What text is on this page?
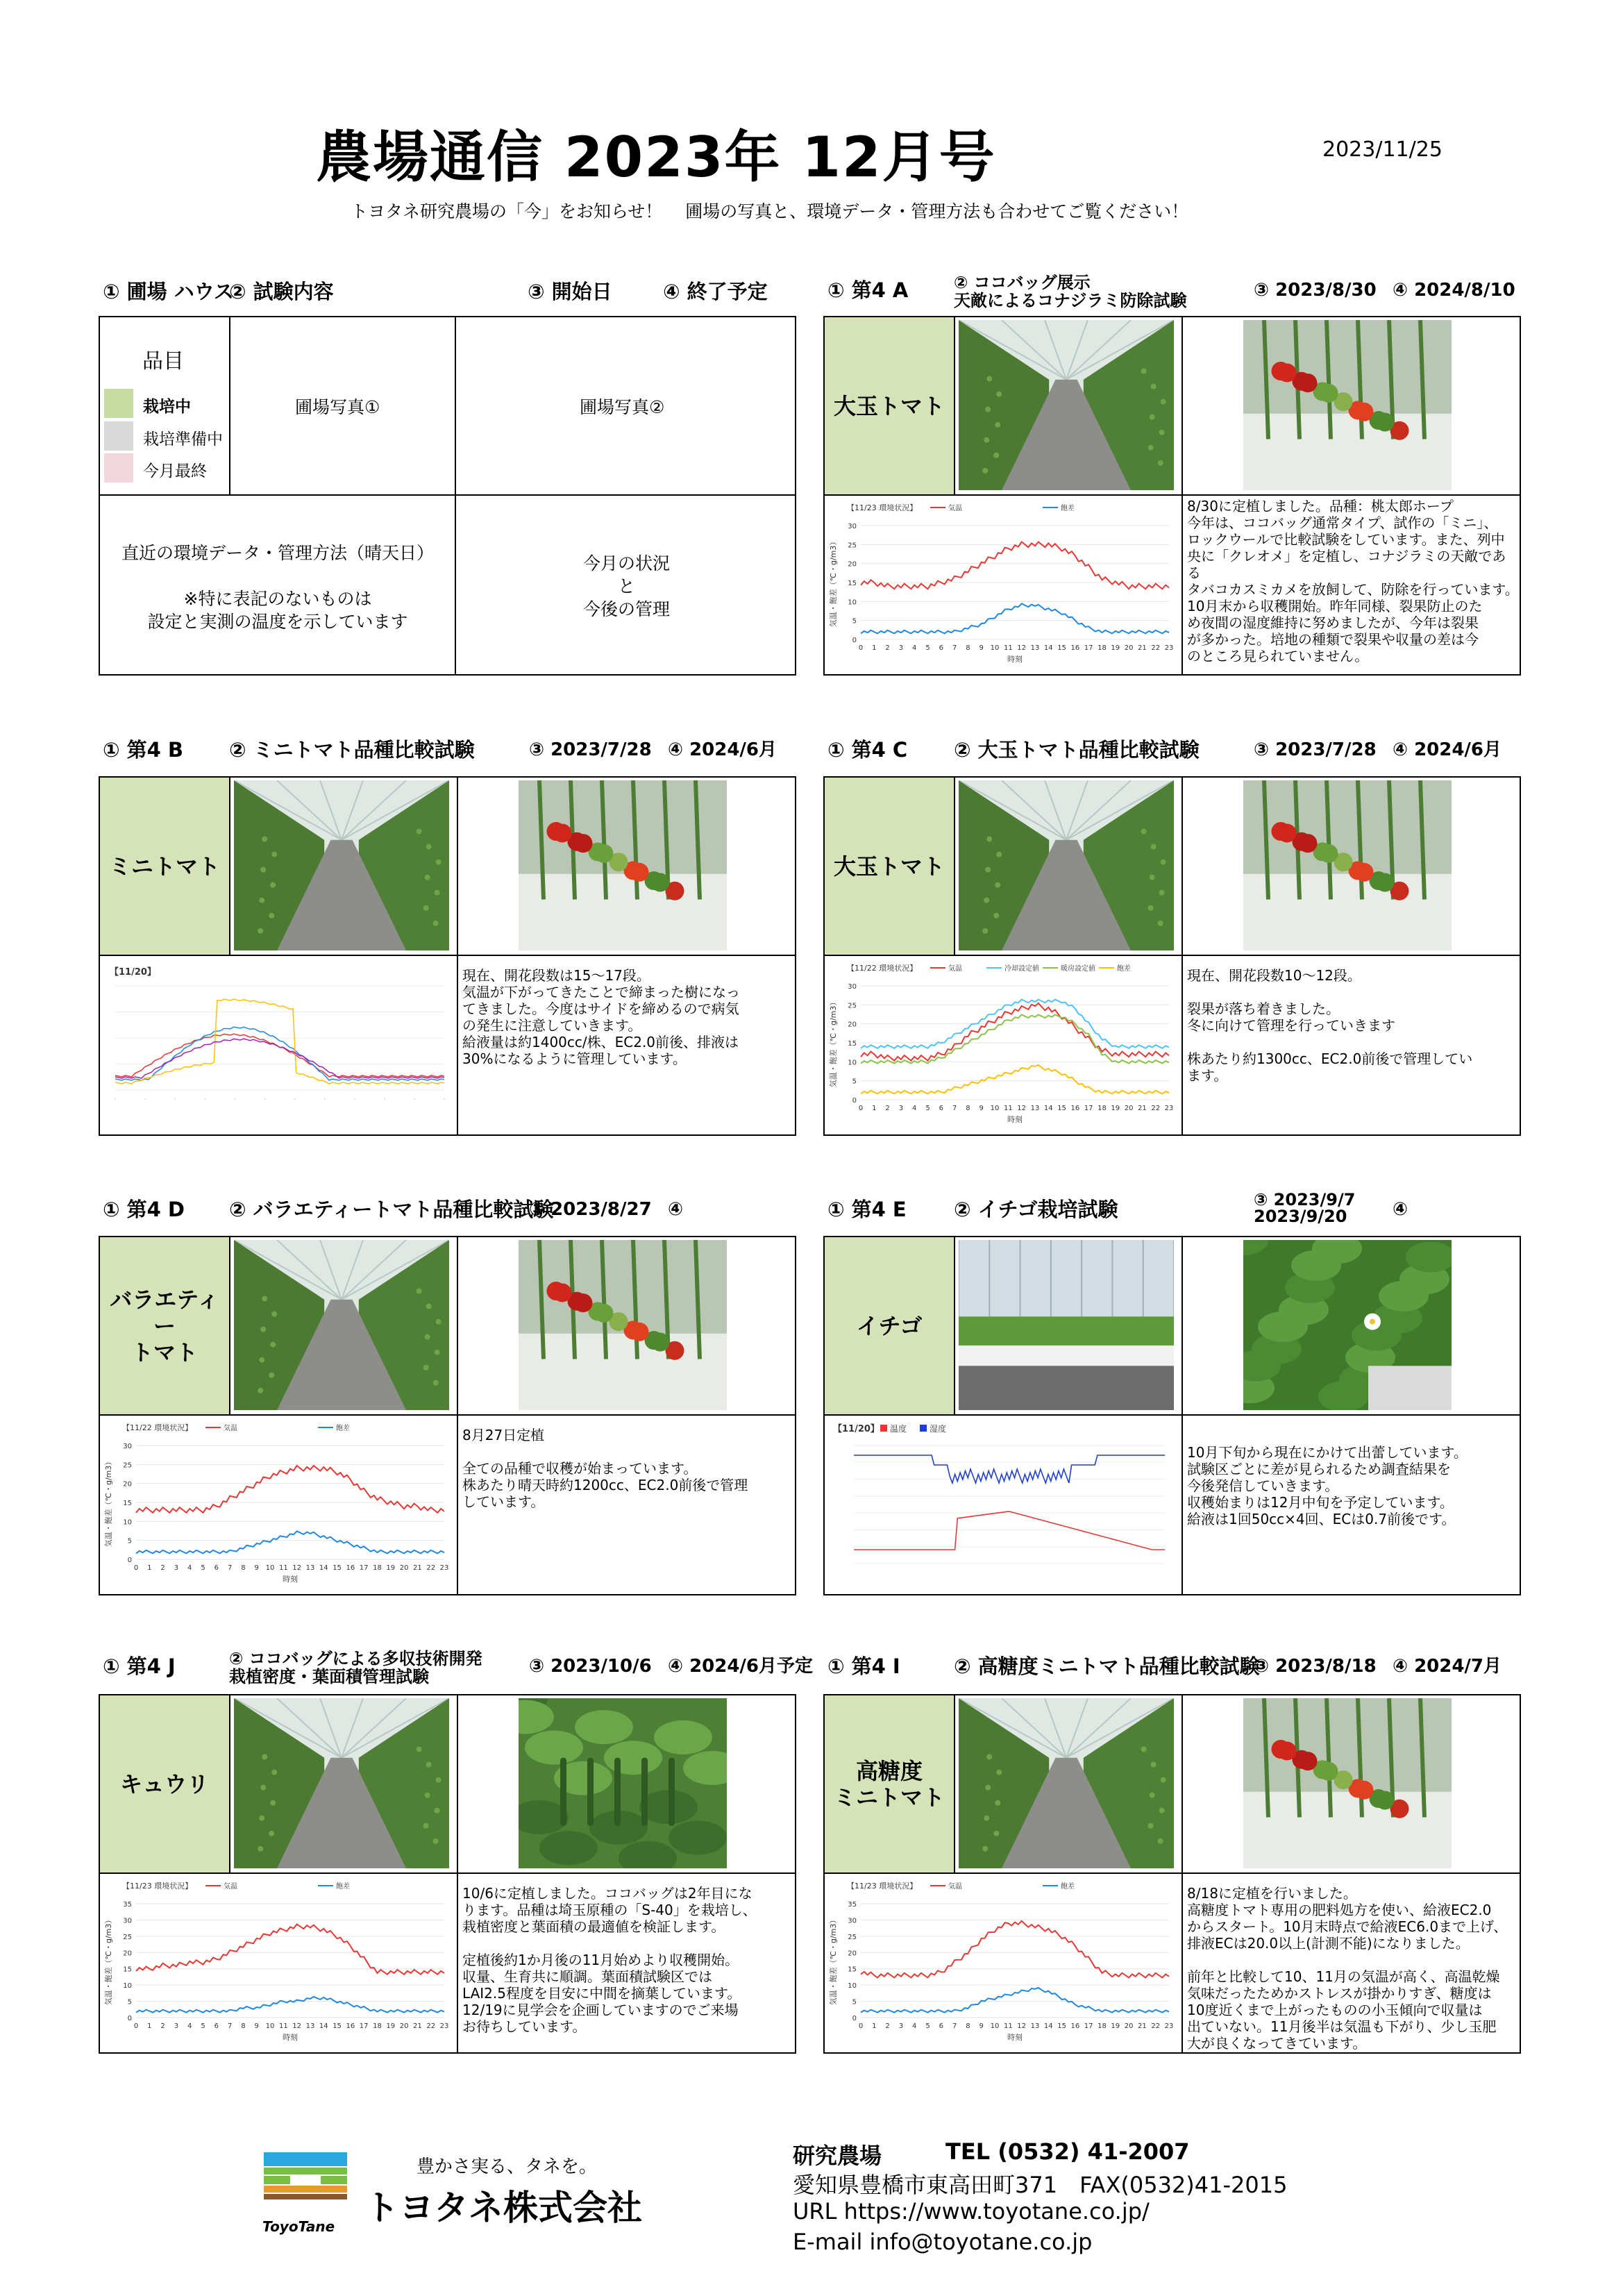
農場通信 2023年 12月号	2023/11/25
トヨタネ研究農場の「今」をお知らせ！　 圃場の写真と、環境データ・管理方法も合わせてご覧ください！
① 圃場 ハウス
② 試験内容	③ 開始日	④ 終了予定
品目
栽培中
栽培準備中
今月最終
圃場写真①	圃場写真②
直近の環境データ・管理方法（晴天日）

※特に表記のないものは
設定と実測の温度を示しています
今月の状況
と
今後の管理
① 第4 A	② ココバッグ展示
天敵によるコナジラミ防除試験	③ 2023/8/30 ④ 2024/8/10
大玉トマト
0
5
10
15
20
25
30
0 1 2 3 4 5 6 7 8 9 10 11 12 13 14 15 16 17 18 19 20 21 22 23
時刻
気温・飽差（℃・g/m3）
【11/23 環境状況】	気温	飽差	8/30に定植しました。品種：桃太郎ホープ
今年は、ココバッグ通常タイプ、試作の「ミニ」、
ロックウールで比較試験をしています。また、列中
央に「クレオメ」を定植し、コナジラミの天敵である
タバコカスミカメを放飼して、防除を行っています。
10月末から収穫開始。昨年同様、裂果防止のた
め夜間の湿度維持に努めましたが、今年は裂果
が多かった。培地の種類で裂果や収量の差は今
のところ見られていません。
① 第4 B ② ミニトマト品種比較試験	③ 2023/7/28 ④ 2024/6月
ミニトマト
【11/20】
·	·	·	·	·	·	·	·	·	·	·	·
現在、開花段数は15～17段。
気温が下がってきたことで締まった樹になっ
てきました。今度はサイドを締めるので病気
の発生に注意していきます。
給液量は約1400cc/株、EC2.0前後、排液は
30%になるように管理しています。
① 第4 C ② 大玉トマト品種比較試験	③ 2023/7/28 ④ 2024/6月
大玉トマト
0
5
10
15
20
25
30
0 1 2 3 4 5 6 7 8 9 10 11 12 13 14 15 16 17 18 19 20 21 22 23
時刻
気温・飽差（℃・g/m3）
【11/22 環境状況】	気温	冷却設定値	暖房設定値	飽差	現在、開花段数10～12段。

裂果が落ち着きました。
冬に向けて管理を行っていきます

株あたり約1300cc、EC2.0前後で管理してい
ます。
① 第4 D ② バラエティートマト品種比較試験
③ 2023/8/27 ④
バラエティー
トマト
0
5
10
15
20
25
30
0 1 2 3 4 5 6 7 8 9 10 11 12 13 14 15 16 17 18 19 20 21 22 23
時刻
気温・飽差（℃・g/m3）
【11/22 環境状況】	気温	飽差	8月27日定植

全ての品種で収穫が始まっています。
株あたり晴天時約1200cc、EC2.0前後で管理
しています。
① 第4 E ② イチゴ栽培試験	③ 2023/9/7
2023/9/20	④
イチゴ
【11/20】 温度	湿度
10月下旬から現在にかけて出蕾しています。
試験区ごとに差が見られるため調査結果を
今後発信していきます。
収穫始まりは12月中旬を予定しています。
給液は1回50cc×4回、ECは0.7前後です。
① 第4 J	② ココバッグによる多収技術開発
栽植密度・葉面積管理試験	③ 2023/10/6 ④ 2024/6月予定
キュウリ
0
5
10
15
20
25
30
35
0 1 2 3 4 5 6 7 8 9 10 11 12 13 14 15 16 17 18 19 20 21 22 23
時刻
気温・飽差（℃・g/m3）
【11/23 環境状況】	気温	飽差	10/6に定植しました。ココバッグは2年目にな
ります。品種は埼玉原種の「S-40」を栽培し、
栽植密度と葉面積の最適値を検証します。

定植後約1か月後の11月始めより収穫開始。
収量、生育共に順調。葉面積試験区では
LAI2.5程度を目安に中間を摘葉しています。
12/19に見学会を企画していますのでご来場
お待ちしています。
① 第4 I	② 高糖度ミニトマト品種比較試験
③ 2023/8/18 ④ 2024/7月
高糖度
ミニトマト
0
5
10
15
20
25
30
35
0 1 2 3 4 5 6 7 8 9 10 11 12 13 14 15 16 17 18 19 20 21 22 23
時刻
気温・飽差（℃・g/m3）
【11/23 環境状況】	気温	飽差	8/18に定植を行いました。
高糖度トマト専用の肥料処方を使い、給液EC2.0
からスタート。10月末時点で給液EC6.0まで上げ、
排液ECは20.0以上(計測不能)になりました。

前年と比較して10、11月の気温が高く、高温乾燥
気味だったためかストレスが掛かりすぎ、糖度は
10度近くまで上がったものの小玉傾向で収量は
出ていない。11月後半は気温も下がり、少し玉肥
大が良くなってきています。
ToyoTane
豊かさ実る、タネを。
トヨタネ株式会社
研究農場	TEL (0532) 41-2007
愛知県豊橋市東高田町371　FAX(0532)41-2015
URL https://www.toyotane.co.jp/
E-mail info@toyotane.co.jp
